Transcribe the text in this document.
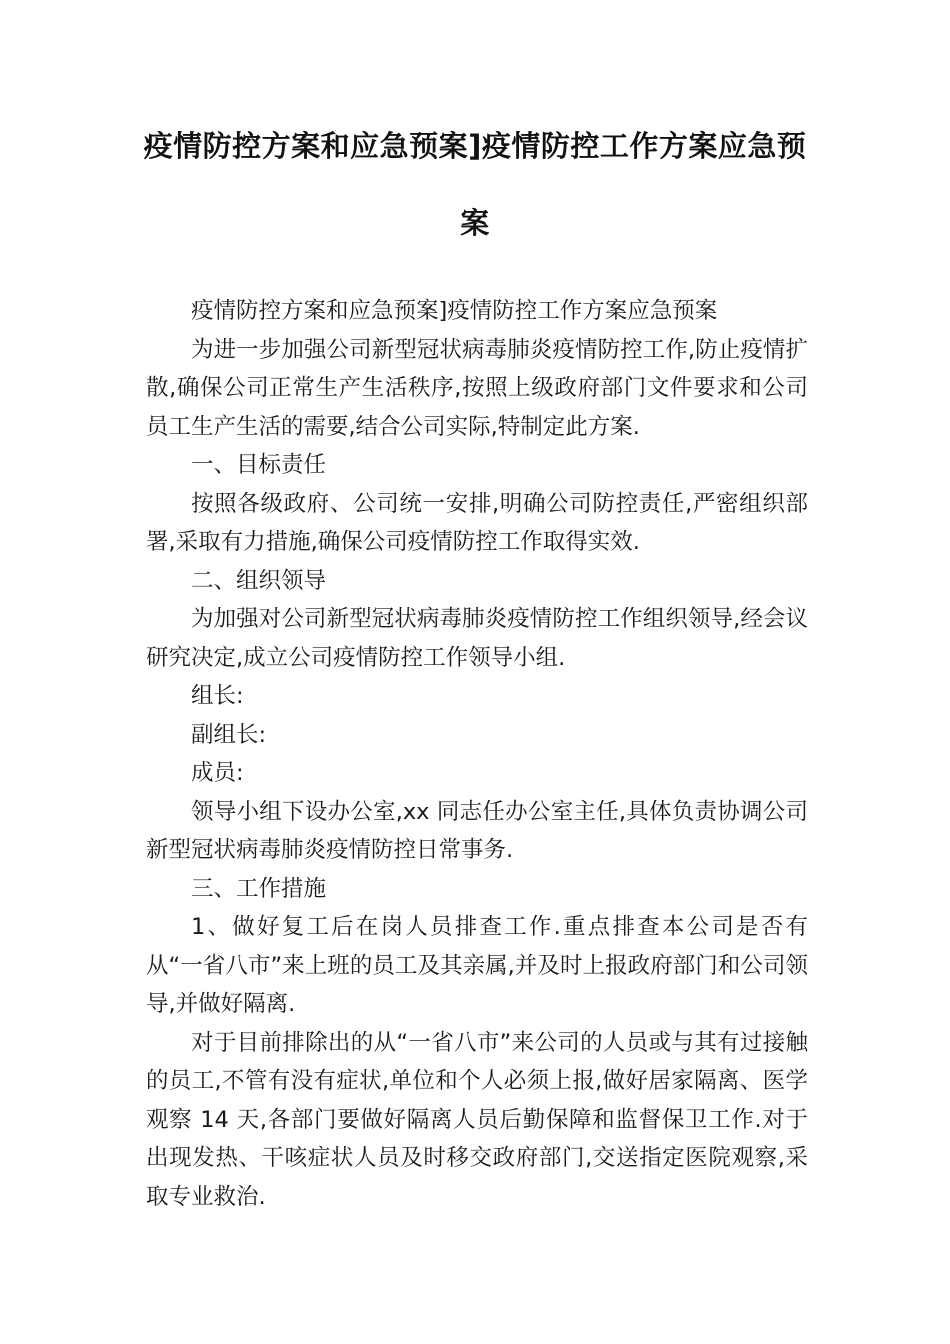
疫情防控方案和应急预案]疫情防控工作方案应急预
案

疫情防控方案和应急预案]疫情防控工作方案应急预案

为进一步加强公司新型冠状病毒肺炎疫情防控工作,防止疫情扩散,确保公司正常生产生活秩序,按照上级政府部门文件要求和公司员工生产生活的需要,结合公司实际,特制定此方案.

一、目标责任

按照各级政府、公司统一安排,明确公司防控责任,严密组织部署,采取有力措施,确保公司疫情防控工作取得实效.

二、组织领导

为加强对公司新型冠状病毒肺炎疫情防控工作组织领导,经会议研究决定,成立公司疫情防控工作领导小组.

组长:

副组长:

成员:

领导小组下设办公室,xx 同志任办公室主任,具体负责协调公司新型冠状病毒肺炎疫情防控日常事务.

三、工作措施

1、做好复工后在岗人员排查工作.重点排查本公司是否有从“一省八市”来上班的员工及其亲属,并及时上报政府部门和公司领导,并做好隔离.

对于目前排除出的从“一省八市”来公司的人员或与其有过接触的员工,不管有没有症状,单位和个人必须上报,做好居家隔离、医学观察 14 天,各部门要做好隔离人员后勤保障和监督保卫工作.对于出现发热、干咳症状人员及时移交政府部门,交送指定医院观察,采取专业救治.
